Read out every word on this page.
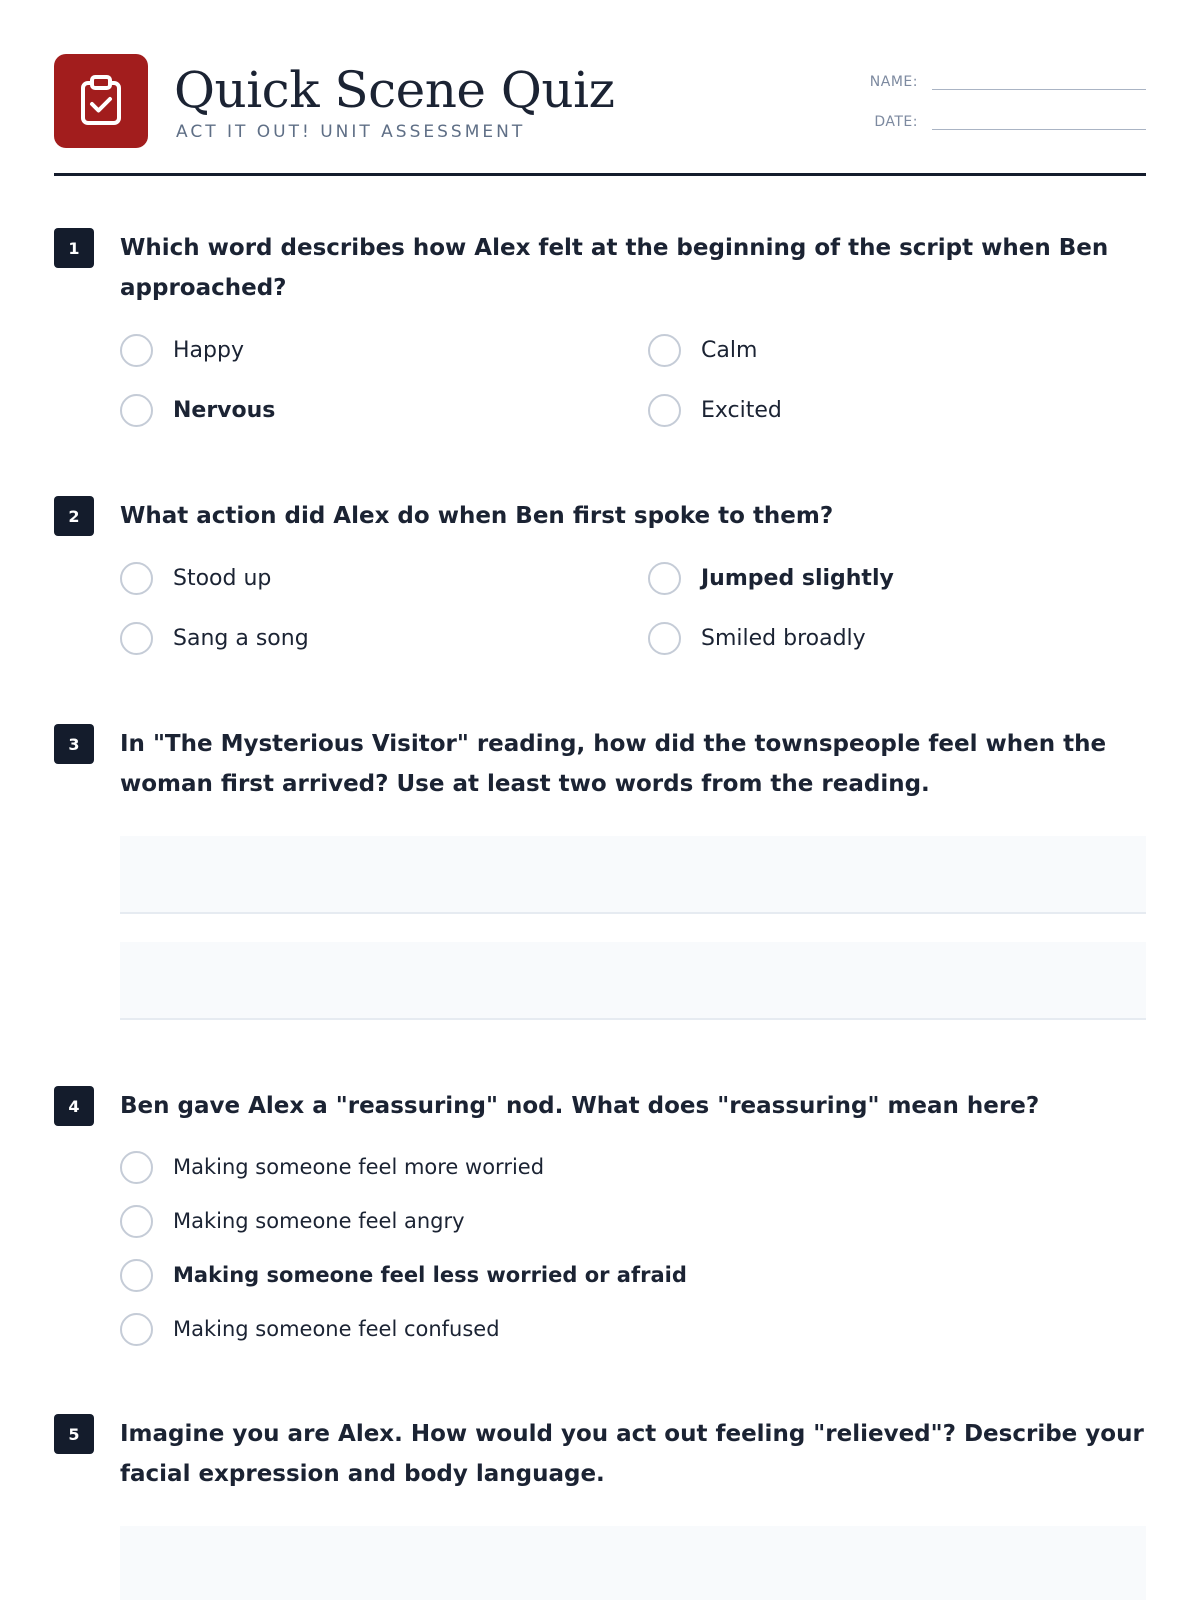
Quick Scene Quiz
ACT IT OUT! UNIT ASSESSMENT
NAME:
DATE:
1	Which word describes how Alex felt at the beginning of the script when Ben approached?
Happy	Calm
Nervous	Excited
2	What action did Alex do when Ben first spoke to them?
Stood up	Jumped slightly
Sang a song	Smiled broadly
3	In "The Mysterious Visitor" reading, how did the townspeople feel when the woman first arrived? Use at least two words from the reading.
4	Ben gave Alex a "reassuring" nod. What does "reassuring" mean here?
Making someone feel more worried
Making someone feel angry
Making someone feel less worried or afraid
Making someone feel confused
5	Imagine you are Alex. How would you act out feeling "relieved"? Describe your facial expression and body language.
